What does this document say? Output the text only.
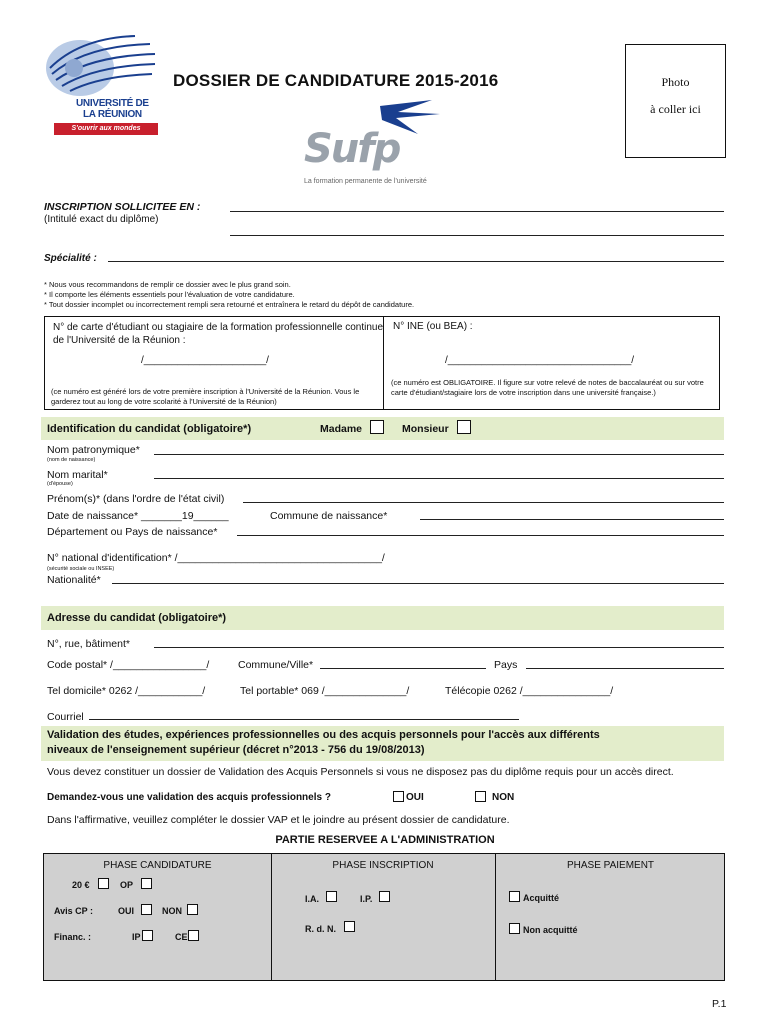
UNIVERSITÉ DE
LA RÉUNION
S'ouvrir aux mondes
DOSSIER DE CANDIDATURE 2015-2016
Sufp
La formation permanente de l'université
Photo
à coller ici
INSCRIPTION SOLLICITEE EN :
(Intitulé exact du diplôme)
Spécialité :
* Nous vous recommandons de remplir ce dossier avec le plus grand soin.
* Il comporte les éléments essentiels pour l'évaluation de votre candidature.
* Tout dossier incomplet ou incorrectement rempli sera retourné et entraînera le retard du dépôt de candidature.
N° de carte d'étudiant ou stagiaire de la formation professionnelle continue de l'Université de la Réunion :
/______________________/
(ce numéro est généré lors de votre première inscription à l'Université de la Réunion. Vous le garderez tout au long de votre scolarité à l'Université de la Réunion)
N° INE (ou BEA) :
/_________________________________/
(ce numéro est OBLIGATOIRE. Il figure sur votre relevé de notes de baccalauréat ou sur votre carte d'étudiant/stagiaire lors de votre inscription dans une université française.)
Identification du candidat (obligatoire*)	Madame	Monsieur
Nom patronymique*
(nom de naissance)
Nom marital*
(d'épouse)
Prénom(s)* (dans l'ordre de l'état civil)
Date de naissance* _______19______	Commune de naissance*
Département ou Pays de naissance*
N° national d'identification* /___________________________________/
(sécurité sociale ou INSEE)
Nationalité*
Adresse du candidat (obligatoire*)
N°, rue, bâtiment*
Code postal* /________________/	Commune/Ville*	Pays
Tel domicile* 0262 /___________/	Tel portable* 069 /______________/	Télécopie 0262 /_______________/
Courriel
Validation des études, expériences professionnelles ou des acquis personnels pour l'accès aux différents
niveaux de l'enseignement supérieur (décret n°2013 - 756 du 19/08/2013)
Vous devez constituer un dossier de Validation des Acquis Personnels si vous ne disposez pas du diplôme requis pour un accès direct.
Demandez-vous une validation des acquis professionnels ?	OUI	NON
Dans l'affirmative, veuillez compléter le dossier VAP et le joindre au présent dossier de candidature.
PARTIE RESERVEE A L'ADMINISTRATION
PHASE CANDIDATURE
20 €	OP
Avis CP :	OUI	NON
Financ. :	IP	CE
PHASE INSCRIPTION
I.A.	I.P.
R. d. N.
PHASE PAIEMENT
Acquitté
Non acquitté
P.1
